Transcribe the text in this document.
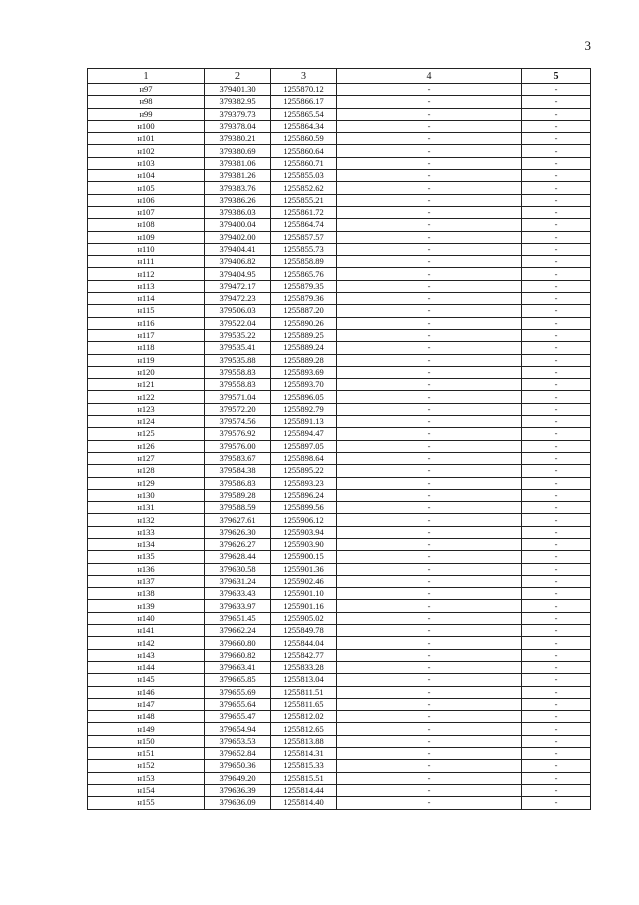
3
1	2	3	4	5
н97	379401.30	1255870.12	-	-
н98	379382.95	1255866.17	-	-
н99	379379.73	1255865.54	-	-
н100	379378.04	1255864.34	-	-
н101	379380.21	1255860.59	-	-
н102	379380.69	1255860.64	-	-
н103	379381.06	1255860.71	-	-
н104	379381.26	1255855.03	-	-
н105	379383.76	1255852.62	-	-
н106	379386.26	1255855.21	-	-
н107	379386.03	1255861.72	-	-
н108	379400.04	1255864.74	-	-
н109	379402.00	1255857.57	-	-
н110	379404.41	1255855.73	-	-
н111	379406.82	1255858.89	-	-
н112	379404.95	1255865.76	-	-
н113	379472.17	1255879.35	-	-
н114	379472.23	1255879.36	-	-
н115	379506.03	1255887.20	-	-
н116	379522.04	1255890.26	-	-
н117	379535.22	1255889.25	-	-
н118	379535.41	1255889.24	-	-
н119	379535.88	1255889.28	-	-
н120	379558.83	1255893.69	-	-
н121	379558.83	1255893.70	-	-
н122	379571.04	1255896.05	-	-
н123	379572.20	1255892.79	-	-
н124	379574.56	1255891.13	-	-
н125	379576.92	1255894.47	-	-
н126	379576.00	1255897.05	-	-
н127	379583.67	1255898.64	-	-
н128	379584.38	1255895.22	-	-
н129	379586.83	1255893.23	-	-
н130	379589.28	1255896.24	-	-
н131	379588.59	1255899.56	-	-
н132	379627.61	1255906.12	-	-
н133	379626.30	1255903.94	-	-
н134	379626.27	1255903.90	-	-
н135	379628.44	1255900.15	-	-
н136	379630.58	1255901.36	-	-
н137	379631.24	1255902.46	-	-
н138	379633.43	1255901.10	-	-
н139	379633.97	1255901.16	-	-
н140	379651.45	1255905.02	-	-
н141	379662.24	1255849.78	-	-
н142	379660.80	1255844.04	-	-
н143	379660.82	1255842.77	-	-
н144	379663.41	1255833.28	-	-
н145	379665.85	1255813.04	-	-
н146	379655.69	1255811.51	-	-
н147	379655.64	1255811.65	-	-
н148	379655.47	1255812.02	-	-
н149	379654.94	1255812.65	-	-
н150	379653.53	1255813.88	-	-
н151	379652.84	1255814.31	-	-
н152	379650.36	1255815.33	-	-
н153	379649.20	1255815.51	-	-
н154	379636.39	1255814.44	-	-
н155	379636.09	1255814.40	-	-
